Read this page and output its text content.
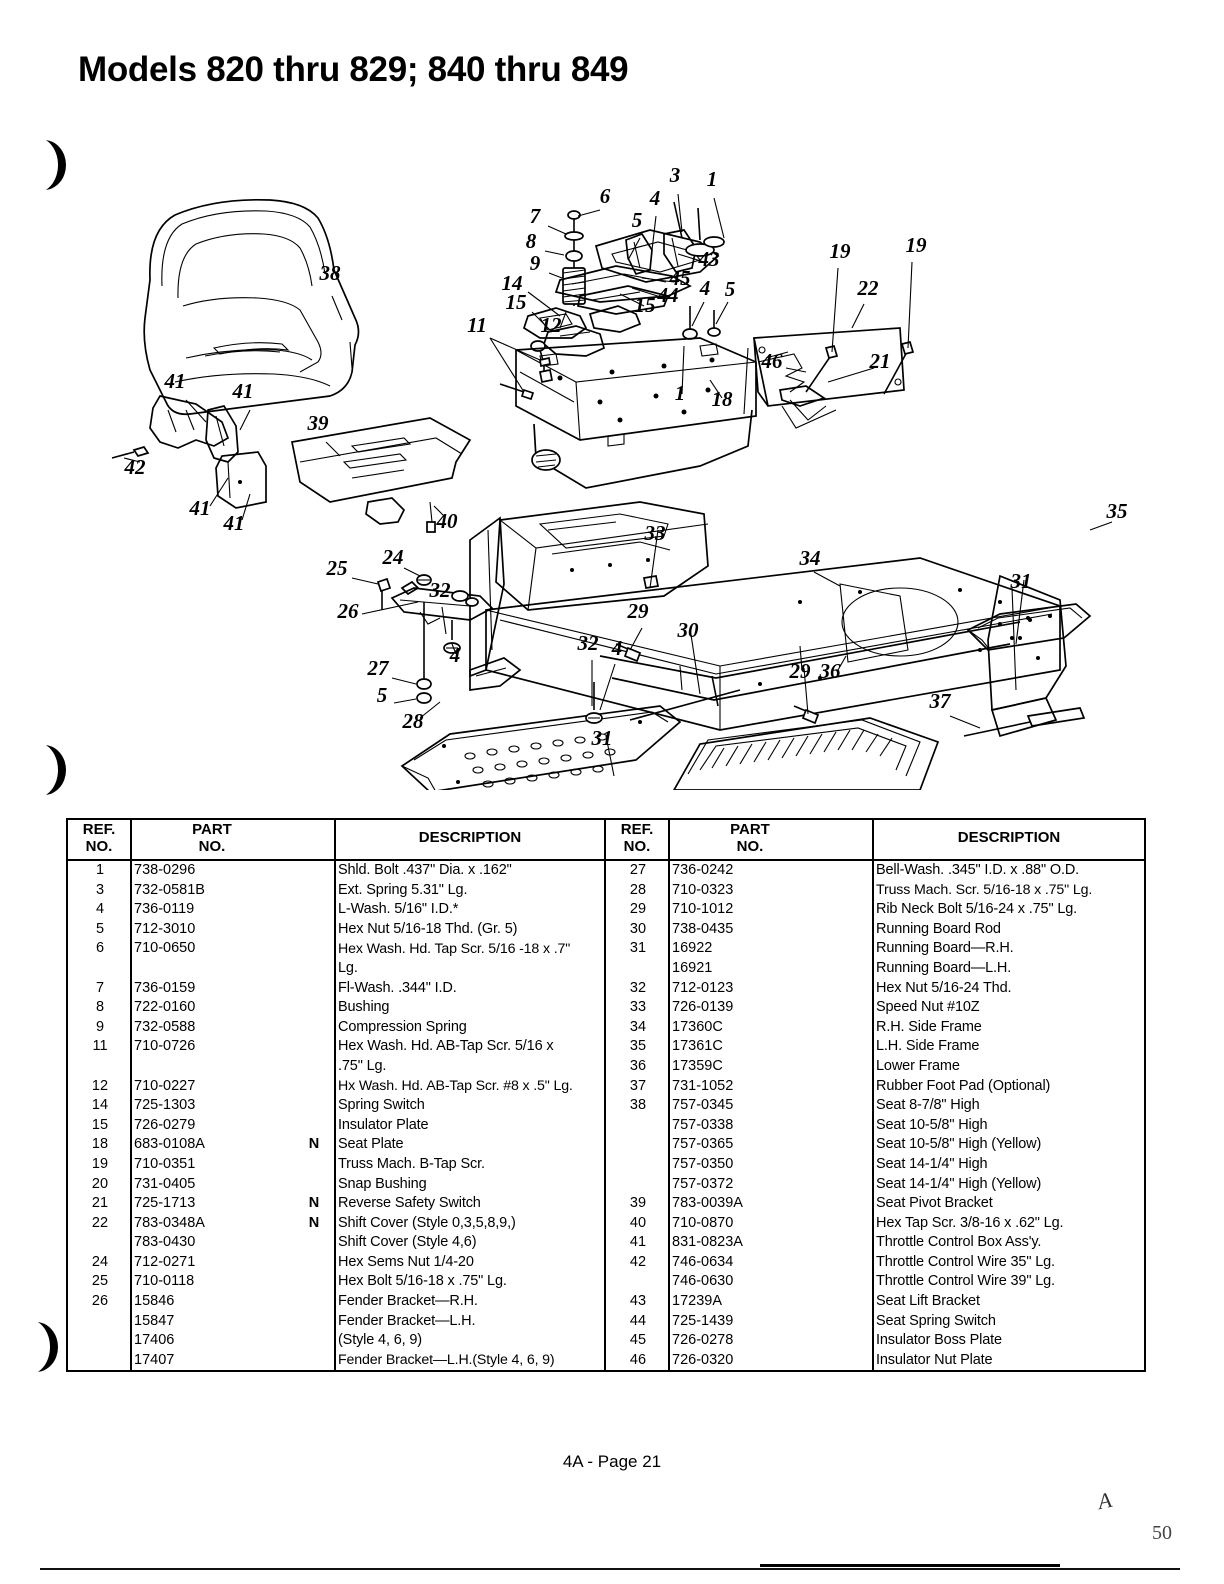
Models 820 thru 829; 840 thru 849
38
41 41
42
41
41
39
40
6
7
8
9
14
15
12
11
5
4
3 1
43
45
44
15
4 5
1 18
19	19
22
46	21
33
35
34
31
25 24
26
32
27
5
28
4	32 4
31
29
30
29 36
37
REF.
NO.	PART
NO.		DESCRIPTION
1	738-0296		Shld. Bolt .437" Dia. x .162"
3	732-0581B		Ext. Spring 5.31" Lg.
4	736-0119		L-Wash. 5/16" I.D.*
5	712-3010		Hex Nut 5/16-18 Thd. (Gr. 5)
6	710-0650		Hex Wash. Hd. Tap Scr. 5/16 -18 x .7"
			Lg.
7	736-0159		Fl-Wash. .344" I.D.
8	722-0160		Bushing
9	732-0588		Compression Spring
11	710-0726		Hex Wash. Hd. AB-Tap Scr. 5/16 x
			.75" Lg.
12	710-0227		Hx Wash. Hd. AB-Tap Scr. #8 x .5" Lg.
14	725-1303		Spring Switch
15	726-0279		Insulator Plate
18	683-0108A	N	Seat Plate
19	710-0351		Truss Mach. B-Tap Scr.
20	731-0405		Snap Bushing
21	725-1713	N	Reverse Safety Switch
22	783-0348A	N	Shift Cover (Style 0,3,5,8,9,)
	783-0430		Shift Cover (Style 4,6)
24	712-0271		Hex Sems Nut 1/4-20
25	710-0118		Hex Bolt 5/16-18 x .75" Lg.
26	15846		Fender Bracket—R.H.
	15847		Fender Bracket—L.H.
	17406		(Style 4, 6, 9)
	17407		Fender Bracket—L.H.(Style 4, 6, 9)
REF.
NO.	PART
NO.		DESCRIPTION
27	736-0242		Bell-Wash. .345" I.D. x .88" O.D.
28	710-0323		Truss Mach. Scr. 5/16-18 x .75" Lg.
29	710-1012		Rib Neck Bolt 5/16-24 x .75" Lg.
30	738-0435		Running Board Rod
31	16922		Running Board—R.H.
	16921		Running Board—L.H.
32	712-0123		Hex Nut 5/16-24 Thd.
33	726-0139		Speed Nut #10Z
34	17360C		R.H. Side Frame
35	17361C		L.H. Side Frame
36	17359C		Lower Frame
37	731-1052		Rubber Foot Pad (Optional)
38	757-0345		Seat 8-7/8" High
	757-0338		Seat 10-5/8" High
	757-0365		Seat 10-5/8" High (Yellow)
	757-0350		Seat 14-1/4" High
	757-0372		Seat 14-1/4" High (Yellow)
39	783-0039A		Seat Pivot Bracket
40	710-0870		Hex Tap Scr. 3/8-16 x .62" Lg.
41	831-0823A		Throttle Control Box Ass'y.
42	746-0634		Throttle Control Wire 35" Lg.
	746-0630		Throttle Control Wire 39" Lg.
43	17239A		Seat Lift Bracket
44	725-1439		Seat Spring Switch
45	726-0278		Insulator Boss Plate
46	726-0320		Insulator Nut Plate
4A - Page 21
A
50
